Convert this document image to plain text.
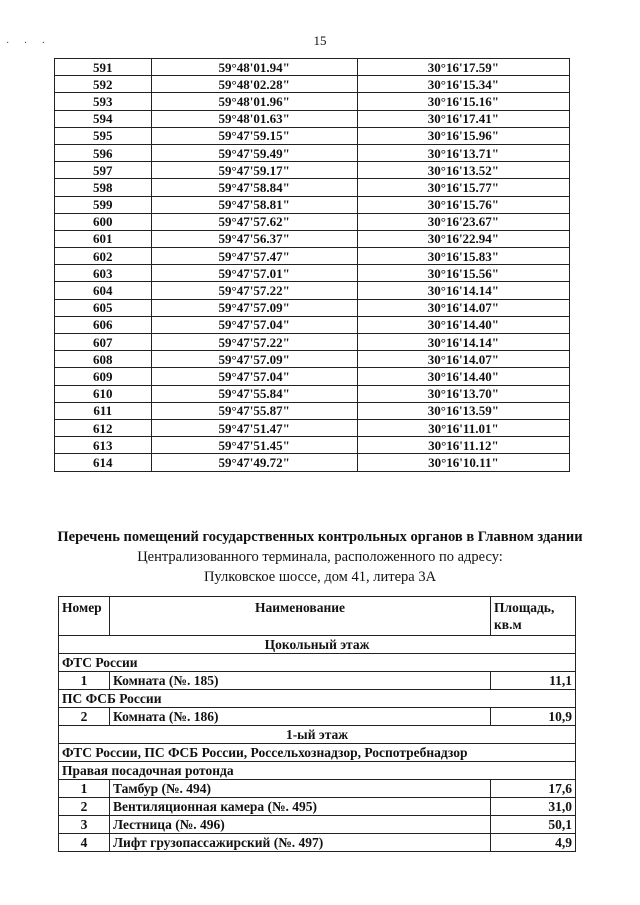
· · ·	15
591	59°48'01.94"	30°16'17.59"
592	59°48'02.28"	30°16'15.34"
593	59°48'01.96"	30°16'15.16"
594	59°48'01.63"	30°16'17.41"
595	59°47'59.15"	30°16'15.96"
596	59°47'59.49"	30°16'13.71"
597	59°47'59.17"	30°16'13.52"
598	59°47'58.84"	30°16'15.77"
599	59°47'58.81"	30°16'15.76"
600	59°47'57.62"	30°16'23.67"
601	59°47'56.37"	30°16'22.94"
602	59°47'57.47"	30°16'15.83"
603	59°47'57.01"	30°16'15.56"
604	59°47'57.22"	30°16'14.14"
605	59°47'57.09"	30°16'14.07"
606	59°47'57.04"	30°16'14.40"
607	59°47'57.22"	30°16'14.14"
608	59°47'57.09"	30°16'14.07"
609	59°47'57.04"	30°16'14.40"
610	59°47'55.84"	30°16'13.70"
611	59°47'55.87"	30°16'13.59"
612	59°47'51.47"	30°16'11.01"
613	59°47'51.45"	30°16'11.12"
614	59°47'49.72"	30°16'10.11"
Перечень помещений государственных контрольных органов в Главном здании
Централизованного терминала, расположенного по адресу:
Пулковское шоссе, дом 41, литера 3А
Номер	Наименование	Площадь, кв.м
Цокольный этаж		
ФТС России		
1	Комната (№. 185)	11,1
ПС ФСБ России		
2	Комната (№. 186)	10,9
1-ый этаж		
ФТС России, ПС ФСБ России, Россельхознадзор, Роспотребнадзор		
Правая посадочная ротонда		
1	Тамбур (№. 494)	17,6
2	Вентиляционная камера (№. 495)	31,0
3	Лестница (№. 496)	50,1
4	Лифт грузопассажирский (№. 497)	4,9
